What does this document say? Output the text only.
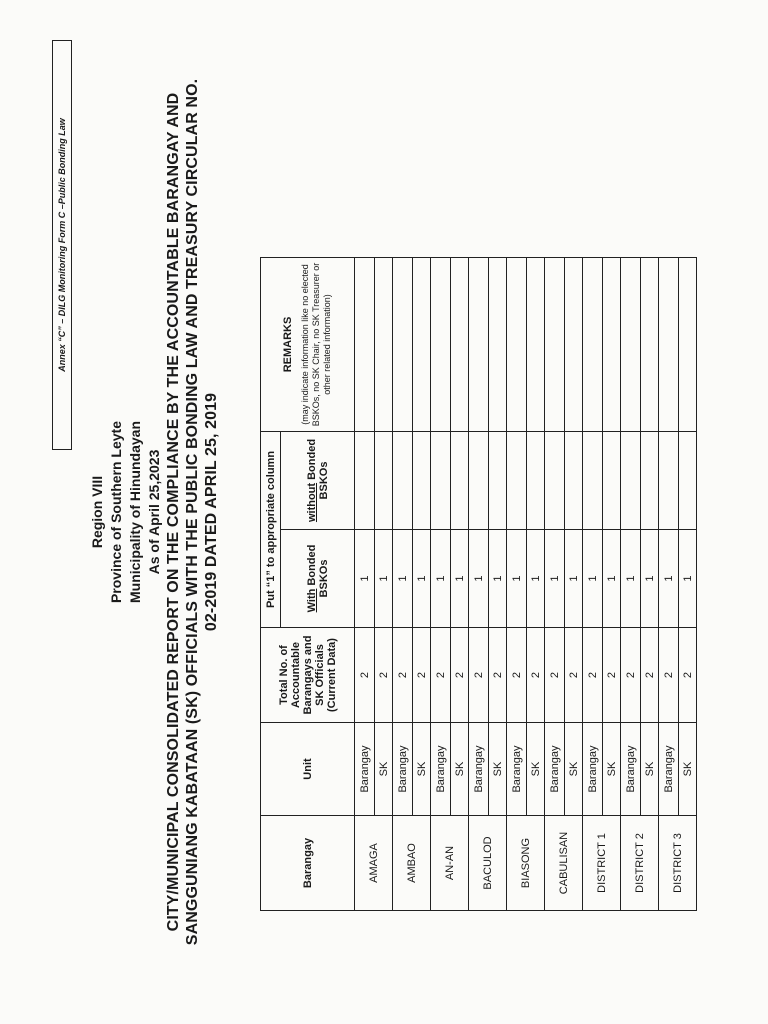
Annex “C” – DILG Monitoring Form C –Public Bonding Law
Region VIII Province of Southern Leyte Municipality of Hinundayan As of April 25,2023 CITY/MUNICIPAL CONSOLIDATED REPORT ON THE COMPLIANCE BY THE ACCOUNTABLE BARANGAY AND SANGGUNIANG KABATAAN (SK) OFFICIALS WITH THE PUBLIC BONDING LAW AND TREASURY CIRCULAR NO. 02-2019 DATED APRIL 25, 2019
Barangay	Unit	Total No. of Accountable Barangays and SK Officials (Current Data)	Put “1” to appropriate column		REMARKS (may indicate information like no elected BSKOs, no SK Chair, no SK Treasurer or other related information)

			With Bonded BSKOs	without Bonded BSKOs	
AMAGA	Barangay	2	1		
	SK	2	1		
AMBAO	Barangay	2	1		
	SK	2	1		
AN-AN	Barangay	2	1		
	SK	2	1		
BACULOD	Barangay	2	1		
	SK	2	1		
BIASONG	Barangay	2	1		
	SK	2	1		
CABULISAN	Barangay	2	1		
	SK	2	1		
DISTRICT 1	Barangay	2	1		
	SK	2	1		
DISTRICT 2	Barangay	2	1		
	SK	2	1		
DISTRICT 3	Barangay	2	1		
	SK	2	1		
